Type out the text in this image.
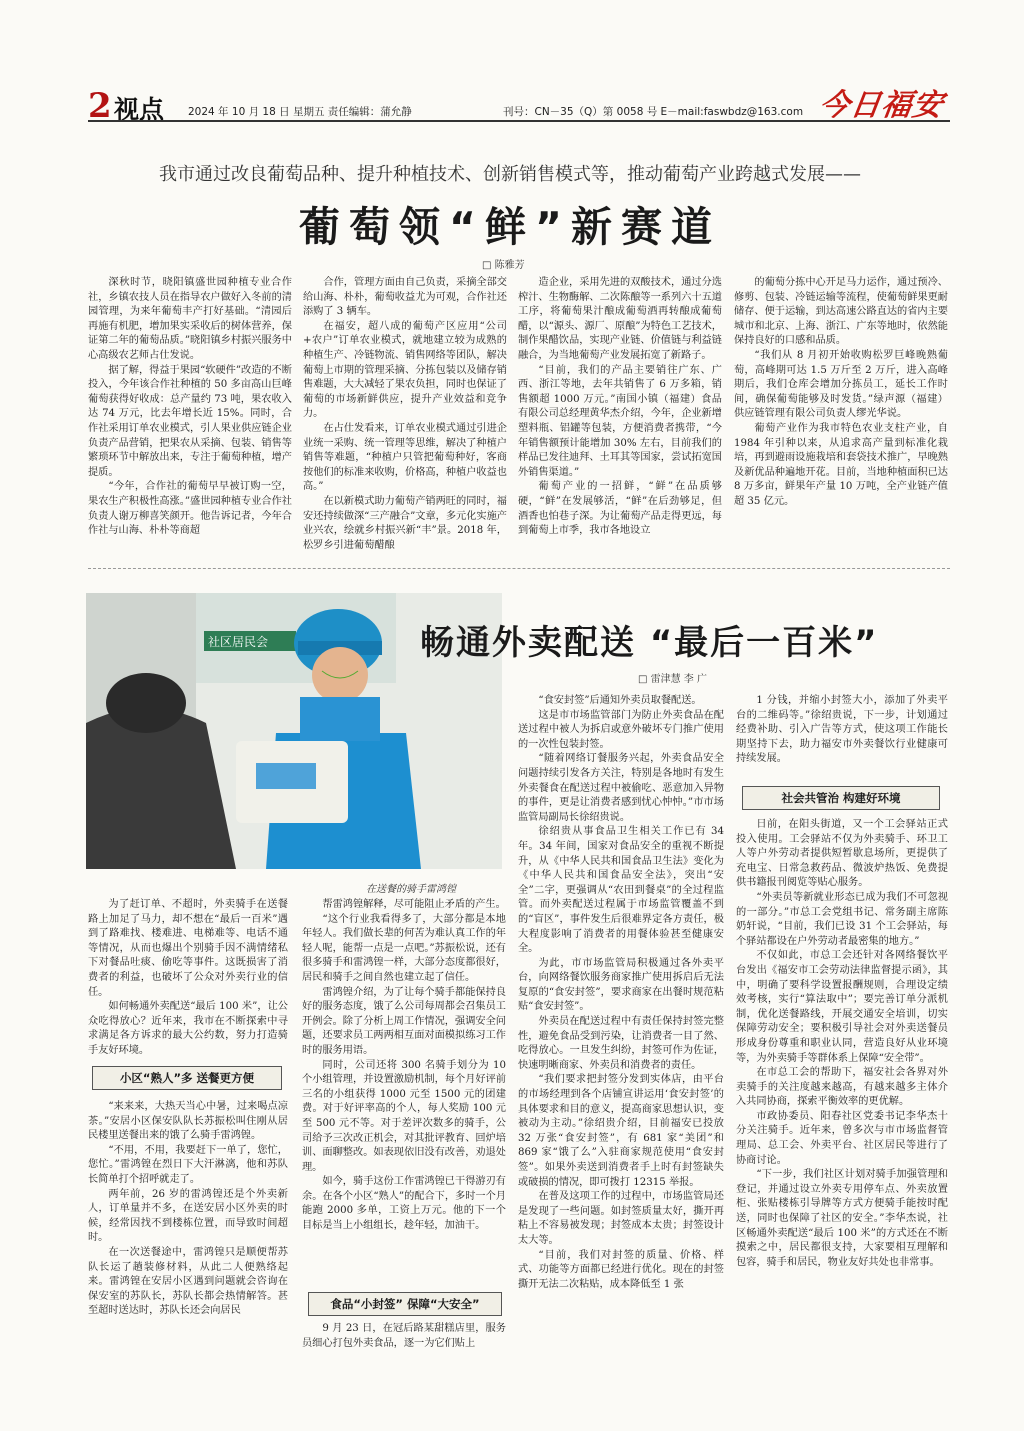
2 视点 2024 年 10 月 18 日 星期五 责任编辑：蒲允静	刊号：CN－35（Q）第 0058 号 E－mail:faswbdz@163.com 今日福安
我市通过改良葡萄品种、提升种植技术、创新销售模式等，推动葡萄产业跨越式发展——
葡萄领“鲜”新赛道
□ 陈雅芳

深秋时节，晓阳镇盛世园种植专业合作社，乡镇农技人员在指导农户做好入冬前的清园管理，为来年葡萄丰产打好基础。“清园后再施有机肥，增加果实采收后的树体营养，保证第二年的葡萄品质。”晓阳镇乡村振兴服务中心高级农艺师占仕发说。

据了解，得益于果园“软硬件”改造的不断投入，今年该合作社种植的 50 多亩高山巨峰葡萄获得好收成：总产量约 73 吨，果农收入达 74 万元，比去年增长近 15%。同时，合作社采用订单农业模式，引人果业供应链企业负责产品营销，把果农从采摘、包装、销售等繁琐环节中解放出来，专注于葡萄种植，增产提质。

“今年，合作社的葡萄早早被订购一空，果农生产积极性高涨。”盛世园种植专业合作社负责人谢万柳喜笑颜开。他告诉记者，今年合作社与山海、朴朴等商超

合作，管理方面由自己负责，采摘全部交给山海、朴朴，葡萄收益尤为可观，合作社还添购了 3 辆车。

在福安，超八成的葡萄产区应用“公司+农户”订单农业模式，就地建立较为成熟的种植生产、冷链物流、销售网络等团队，解决葡萄上市期的管理采摘、分拣包装以及储存销售难题，大大减轻了果农负担，同时也保证了葡萄的市场新鲜供应，提升产业效益和竞争力。

在占仕发看来，订单农业模式通过引进企业统一采购、统一管理等思维，解决了种植户销售等难题，“种植户只管把葡萄种好，客商按他们的标准来收购，价格高，种植户收益也高。”

在以新模式助力葡萄产销两旺的同时，福安还持续做深“三产融合”文章，多元化实施产业兴农，绘就乡村振兴新“丰”景。2018 年，松罗乡引进葡萄醋酿

造企业，采用先进的双酸技术，通过分选榨汁、生物酶解、二次陈酿等一系列六十五道工序，将葡萄果汁酿成葡萄酒再转酿成葡萄醋，以“源头、源厂、原酿”为特色工艺技术，制作果醋饮品，实现产业链、价值链与利益链融合，为当地葡萄产业发展拓宽了新路子。

“目前，我们的产品主要销往广东、广西、浙江等地，去年共销售了 6 万多箱，销售额超 1000 万元。”南国小镇（福建）食品有限公司总经理黄华杰介绍，今年，企业新增塑料瓶、铝罐等包装，方便消费者携带，“今年销售额预计能增加 30% 左右，目前我们的样品已发往迪拜、土耳其等国家，尝试拓宽国外销售渠道。”

葡萄产业的一招鲜，“鲜”在品质够硬，“鲜”在发展够活，“鲜”在后劲够足，但酒香也怕巷子深。为让葡萄产品走得更远，每到葡萄上市季，我市各地设立

的葡萄分拣中心开足马力运作，通过预冷、修剪、包装、冷链运输等流程，使葡萄鲜果更耐储存、便于运输，到达高速公路直达的省内主要城市和北京、上海、浙江、广东等地时，依然能保持良好的口感和品质。

“我们从 8 月初开始收购松罗巨峰晚熟葡萄，高峰期可达 1.5 万斤至 2 万斤，进入高峰期后，我们仓库会增加分拣员工，延长工作时间，确保葡萄能够及时发货。”绿声源（福建）供应链管理有限公司负责人缪光华说。

葡萄产业作为我市特色农业支柱产业，自 1984 年引种以来，从追求高产量到标准化栽培，再到避雨设施栽培和套袋技术推广，早晚熟及新优品种遍地开花。目前，当地种植面积已达 8 万多亩，鲜果年产量 10 万吨，全产业链产值超 35 亿元。

社区居民会
在送餐的骑手雷鸿锽
畅通外卖配送 “最后一百米”
□ 雷津慧 李 广

为了赶订单、不超时，外卖骑手在送餐路上加足了马力，却不想在“最后一百米”遇到了路难找、楼难进、电梯难等、电话不通等情况，从而也爆出个别骑手因不满情绪私下对餐品吐痰、偷吃等事件。这既损害了消费者的利益，也破坏了公众对外卖行业的信任。

如何畅通外卖配送“最后 100 米”，让公众吃得放心？近年来，我市在不断探索中寻求满足各方诉求的最大公约数，努力打造骑手友好环境。

小区“熟人”多 送餐更方便

“来来来，大热天当心中暑，过来喝点凉茶。”安居小区保安队队长苏振松叫住刚从居民楼里送餐出来的饿了么骑手雷鸿锽。

“不用，不用，我要赶下一单了，您忙，您忙。”雷鸿锽在烈日下大汗淋漓，他和苏队长简单打个招呼就走了。

两年前，26 岁的雷鸿锽还是个外卖新人，订单量并不多，在送安居小区外卖的时候，经常因找不到楼栋位置，而导致时间超时。

在一次送餐途中，雷鸿锽只是顺便帮苏队长运了趟装修材料，从此二人便熟络起来。雷鸿锽在安居小区遇到问题就会咨询在保安室的苏队长，苏队长都会热情解答。甚至超时送达时，苏队长还会向居民

帮雷鸿锽解释，尽可能阻止矛盾的产生。

“这个行业我看得多了，大部分都是本地年轻人。我们做长辈的何苦为难认真工作的年轻人呢，能帮一点是一点吧。”苏振松说，还有很多骑手和雷鸿锽一样，大部分态度都很好，居民和骑手之间自然也建立起了信任。

雷鸿锽介绍，为了让每个骑手都能保持良好的服务态度，饿了么公司每周都会召集员工开例会。除了分析上周工作情况，强调安全问题，还要求员工两两相互面对面模拟练习工作时的服务用语。

同时，公司还将 300 名骑手划分为 10 个小组管理，并设置激励机制，每个月好评前三名的小组获得 1000 元至 1500 元的团建费。对于好评率高的个人，每人奖励 100 元至 500 元不等。对于差评次数多的骑手，公司给予三次改正机会，对其批评教育、回炉培训、面聊整改。如表现依旧没有改善，劝退处理。

如今，骑手这份工作雷鸿锽已干得游刃有余。在各个小区“熟人”的配合下，多时一个月能跑 2000 多单，工资上万元。他的下一个目标是当上小组组长，趁年轻，加油干。

食品“小封签” 保障“大安全”

9 月 23 日，在冠后路某甜糕店里，服务员细心打包外卖食品，逐一为它们贴上

“食安封签”后通知外卖员取餐配送。

这是市市场监管部门为防止外卖食品在配送过程中被人为拆启或意外破坏专门推广使用的一次性包装封签。

“随着网络订餐服务兴起，外卖食品安全问题持续引发各方关注，特别是各地时有发生外卖餐食在配送过程中被偷吃、恶意加入异物的事件，更是让消费者感到忧心忡忡。”市市场监管局副局长徐绍贵说。

徐绍贵从事食品卫生相关工作已有 34 年。34 年间，国家对食品安全的重视不断提升，从《中华人民共和国食品卫生法》变化为《中华人民共和国食品安全法》，突出“安全”二字，更强调从“农田到餐桌”的全过程监管。而外卖配送过程属于市场监管覆盖不到的“盲区”，事件发生后很难界定各方责任，极大程度影响了消费者的用餐体验甚至健康安全。

为此，市市场监管局积极通过各外卖平台，向网络餐饮服务商家推广使用拆启后无法复原的“食安封签”，要求商家在出餐时规范粘贴“食安封签”。

外卖员在配送过程中有责任保持封签完整性，避免食品受到污染，让消费者一目了然、吃得放心。一旦发生纠纷，封签可作为佐证，快速明晰商家、外卖员和消费者的责任。

“我们要求把封签分发到实体店，由平台的市场经理到各个店铺宣讲运用‘食安封签’的具体要求和目的意义，提高商家思想认识，变被动为主动。”徐绍贵介绍，目前福安已投放 32 万张“食安封签”，有 681 家“美团”和 869 家“饿了么”入驻商家规范使用“食安封签”。如果外卖送到消费者手上时有封签缺失或破损的情况，即可拨打 12315 举报。

在普及这项工作的过程中，市场监管局还是发现了一些问题。如封签质量太好，撕开再粘上不容易被发现；封签成本太贵；封签设计太大等。

“目前，我们对封签的质量、价格、样式、功能等方面都已经进行优化。现在的封签撕开无法二次粘贴，成本降低至 1 张

1 分钱，并缩小封签大小，添加了外卖平台的二维码等。”徐绍贵说，下一步，计划通过经费补助、引入广告等方式，使这项工作能长期坚持下去，助力福安市外卖餐饮行业健康可持续发展。

社会共管治 构建好环境

日前，在阳头街道，又一个工会驿站正式投入使用。工会驿站不仅为外卖骑手、环卫工人等户外劳动者提供短暂歇息场所，更提供了充电宝、日常急救药品、微波炉热饭、免费提供书籍报刊阅览等贴心服务。

“外卖员等新就业形态已成为我们不可忽视的一部分。”市总工会党组书记、常务副主席陈奶轩说，“目前，我们已设 31 个工会驿站，每个驿站都设在户外劳动者最密集的地方。”

不仅如此，市总工会还针对各网络餐饮平台发出《福安市工会劳动法律监督提示函》，其中，明确了要科学设置报酬规则，合理设定绩效考核，实行“算法取中”；要完善订单分派机制，优化送餐路线，开展交通安全培训，切实保障劳动安全；要积极引导社会对外卖送餐员形成身份尊重和职业认同，营造良好从业环境等，为外卖骑手等群体系上保障“安全带”。

在市总工会的帮助下，福安社会各界对外卖骑手的关注度越来越高，有越来越多主体介入共同协商，探索平衡效率的更优解。

市政协委员、阳春社区党委书记李华杰十分关注骑手。近年来，曾多次与市市场监督管理局、总工会、外卖平台、社区居民等进行了协商讨论。

“下一步，我们社区计划对骑手加强管理和登记，并通过设立外卖专用停车点、外卖放置柜、张贴楼栋引导牌等方式方便骑手能按时配送，同时也保障了社区的安全。”李华杰说，社区畅通外卖配送“最后 100 米”的方式还在不断摸索之中，居民都很支持，大家要相互理解和包容，骑手和居民，物业友好共处也非常事。
